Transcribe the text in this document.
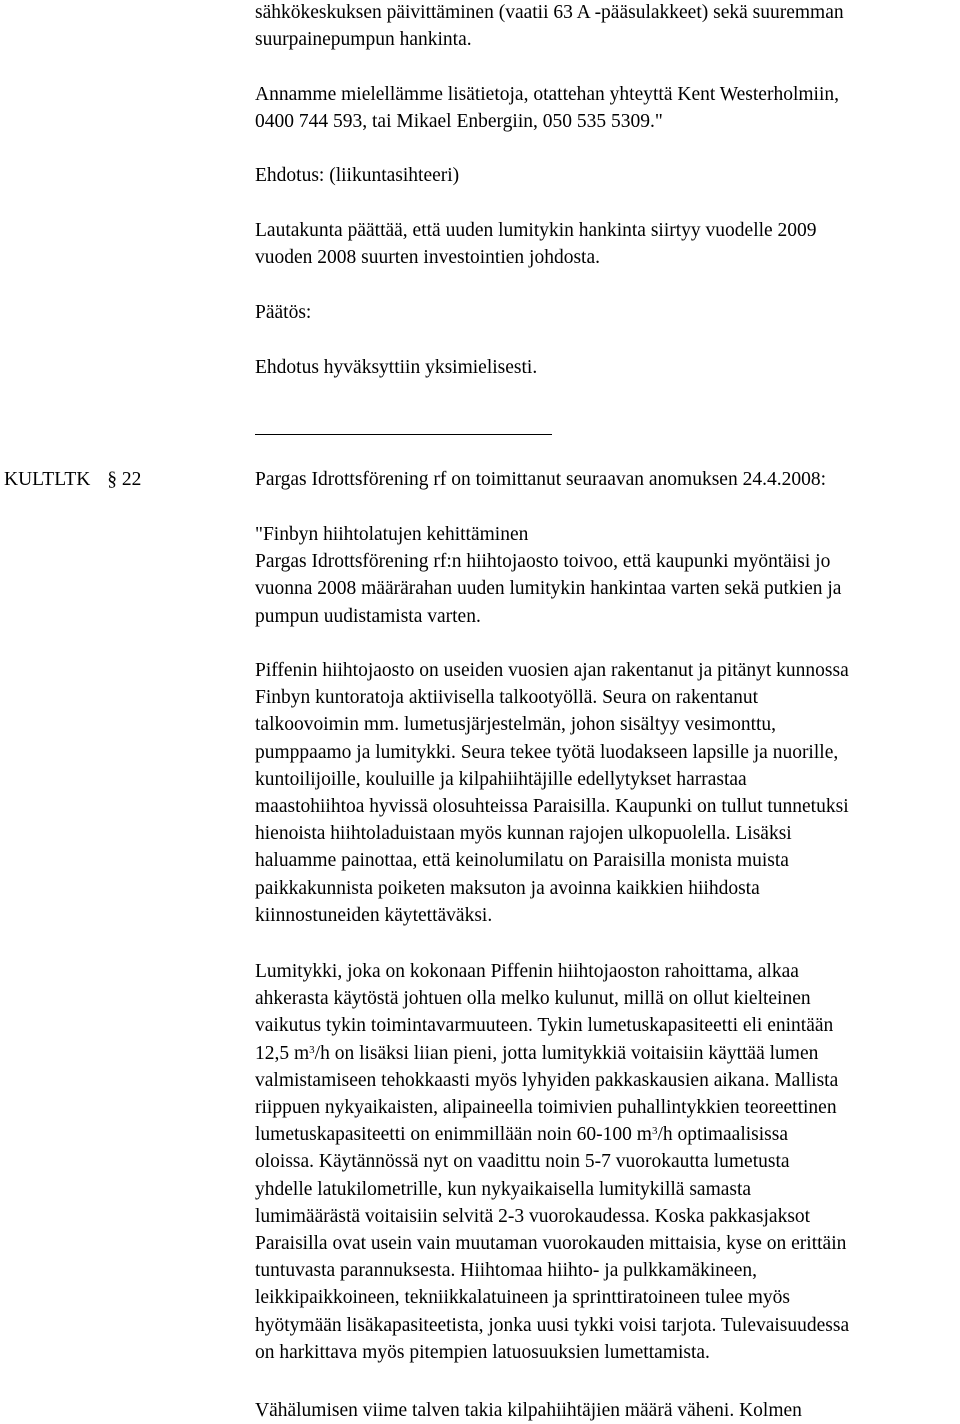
sähkökeskuksen päivittäminen (vaatii 63 A -pääsulakkeet) sekä suuremman
suurpainepumpun hankinta.

Annamme mielellämme lisätietoja, otattehan yhteyttä Kent Westerholmiin,
0400 744 593, tai Mikael Enbergiin, 050 535 5309."

Ehdotus: (liikuntasihteeri)

Lautakunta päättää, että uuden lumitykin hankinta siirtyy vuodelle 2009
vuoden 2008 suurten investointien johdosta.

Päätös:

Ehdotus hyväksyttiin yksimielisesti.

KULTLTK § 22	Pargas Idrottsförening rf on toimittanut seuraavan anomuksen 24.4.2008:

"Finbyn hiihtolatujen kehittäminen
Pargas Idrottsförening rf:n hiihtojaosto toivoo, että kaupunki myöntäisi jo
vuonna 2008 määrärahan uuden lumitykin hankintaa varten sekä putkien ja
pumpun uudistamista varten.

Piffenin hiihtojaosto on useiden vuosien ajan rakentanut ja pitänyt kunnossa
Finbyn kuntoratoja aktiivisella talkootyöllä. Seura on rakentanut
talkoovoimin mm. lumetusjärjestelmän, johon sisältyy vesimonttu,
pumppaamo ja lumitykki. Seura tekee työtä luodakseen lapsille ja nuorille,
kuntoilijoille, kouluille ja kilpahiihtäjille edellytykset harrastaa
maastohiihtoa hyvissä olosuhteissa Paraisilla. Kaupunki on tullut tunnetuksi
hienoista hiihtoladuistaan myös kunnan rajojen ulkopuolella. Lisäksi
haluamme painottaa, että keinolumilatu on Paraisilla monista muista
paikkakunnista poiketen maksuton ja avoinna kaikkien hiihdosta
kiinnostuneiden käytettäväksi.

Lumitykki, joka on kokonaan Piffenin hiihtojaoston rahoittama, alkaa
ahkerasta käytöstä johtuen olla melko kulunut, millä on ollut kielteinen
vaikutus tykin toimintavarmuuteen. Tykin lumetuskapasiteetti eli enintään
12,5 $m^3/h$ on lisäksi liian pieni, jotta lumitykkiä voitaisiin käyttää lumen
valmistamiseen tehokkaasti myös lyhyiden pakkaskausien aikana. Mallista
riippuen nykyaikaisten, alipaineella toimivien puhallintykkien teoreettinen
lumetuskapasiteetti on enimmillään noin 60-100 $m^3/h$ optimaalisissa
oloissa. Käytännössä nyt on vaadittu noin 5-7 vuorokautta lumetusta
yhdelle latukilometrille, kun nykyaikaisella lumitykillä samasta
lumimäärästä voitaisiin selvitä 2-3 vuorokaudessa. Koska pakkasjaksot
Paraisilla ovat usein vain muutaman vuorokauden mittaisia, kyse on erittäin
tuntuvasta parannuksesta. Hiihtomaa hiihto- ja pulkkamäkineen,
leikkipaikkoineen, tekniikkalatuineen ja sprinttiratoineen tulee myös
hyötymään lisäkapasiteetista, jonka uusi tykki voisi tarjota. Tulevaisuudessa
on harkittava myös pitempien latuosuuksien lumettamista.

Vähälumisen viime talven takia kilpahiihtäjien määrä väheni. Kolmen
